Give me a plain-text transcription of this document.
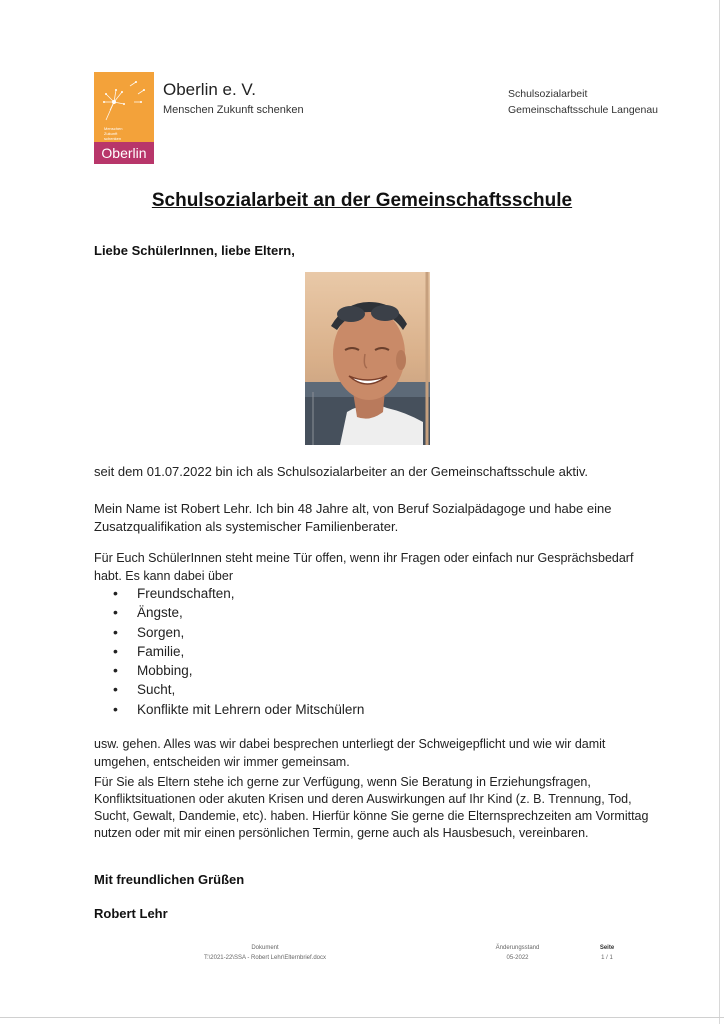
Menschen
Zukunft
schenken
Oberlin
Oberlin e. V.
Menschen Zukunft schenken
Schulsozialarbeit
Gemeinschaftsschule Langenau
Schulsozialarbeit an der Gemeinschaftsschule
Liebe SchülerInnen, liebe Eltern,
seit dem 01.07.2022 bin ich als Schulsozialarbeiter an der Gemeinschaftsschule aktiv.
Mein Name ist Robert Lehr. Ich bin 48 Jahre alt, von Beruf Sozialpädagoge und habe eine Zusatzqualifikation als systemischer Familienberater.
Für Euch SchülerInnen steht meine Tür offen, wenn ihr Fragen oder einfach nur Gesprächsbedarf habt. Es kann dabei über
• Freundschaften,
• Ängste,
• Sorgen,
• Familie,
• Mobbing,
• Sucht,
• Konflikte mit Lehrern oder Mitschülern
usw. gehen. Alles was wir dabei besprechen unterliegt der Schweigepflicht und wie wir damit umgehen, entscheiden wir immer gemeinsam.
Für Sie als Eltern stehe ich gerne zur Verfügung, wenn Sie Beratung in Erziehungsfragen, Konfliktsituationen oder akuten Krisen und deren Auswirkungen auf Ihr Kind (z. B. Trennung, Tod, Sucht, Gewalt, Dandemie, etc). haben. Hierfür könne Sie gerne die Elternsprechzeiten am Vormittag nutzen oder mit mir einen persönlichen Termin, gerne auch als Hausbesuch, vereinbaren.
Mit freundlichen Grüßen
Robert Lehr
Dokument
T:\2021-22\SSA - Robert Lehr\Elternbrief.docx
Änderungsstand
05-2022
Seite
1 / 1
